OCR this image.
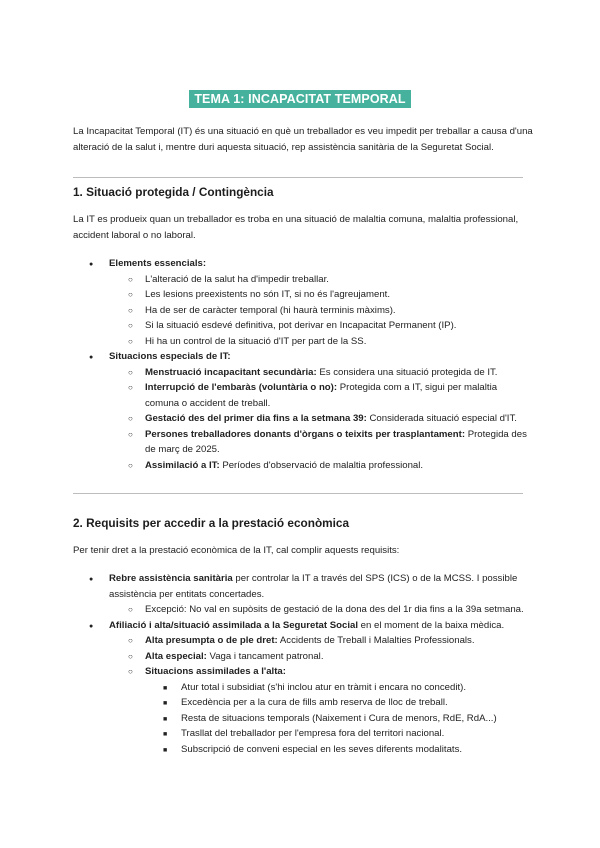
TEMA 1: INCAPACITAT TEMPORAL
La Incapacitat Temporal (IT) és una situació en què un treballador es veu impedit per treballar a causa d'una alteració de la salut i, mentre duri aquesta situació, rep assistència sanitària de la Seguretat Social.
1. Situació protegida / Contingència
La IT es produeix quan un treballador es troba en una situació de malaltia comuna, malaltia professional, accident laboral o no laboral.
●
Elements essencials:
○
L'alteració de la salut ha d'impedir treballar.
○
Les lesions preexistents no són IT, si no és l'agreujament.
○
Ha de ser de caràcter temporal (hi haurà terminis màxims).
○
Si la situació esdevé definitiva, pot derivar en Incapacitat Permanent (IP).
○
Hi ha un control de la situació d'IT per part de la SS.
●
Situacions especials de IT:
○
Menstruació incapacitant secundària: Es considera una situació protegida de IT.
○
Interrupció de l'embaràs (voluntària o no): Protegida com a IT, sigui per malaltia comuna o accident de treball.
○
Gestació des del primer dia fins a la setmana 39: Considerada situació especial d'IT.
○
Persones treballadores donants d'òrgans o teixits per trasplantament: Protegida des de març de 2025.
○
Assimilació a IT: Períodes d'observació de malaltia professional.
2. Requisits per accedir a la prestació econòmica
Per tenir dret a la prestació econòmica de la IT, cal complir aquests requisits:
●
Rebre assistència sanitària per controlar la IT a través del SPS (ICS) o de la MCSS. I possible assistència per entitats concertades.
○
Excepció: No val en supòsits de gestació de la dona des del 1r dia fins a la 39a setmana.
●
Afiliació i alta/situació assimilada a la Seguretat Social en el moment de la baixa mèdica.
○
Alta presumpta o de ple dret: Accidents de Treball i Malalties Professionals.
○
Alta especial: Vaga i tancament patronal.
○
Situacions assimilades a l'alta:
■
Atur total i subsidiat (s'hi inclou atur en tràmit i encara no concedit).
■
Excedència per a la cura de fills amb reserva de lloc de treball.
■
Resta de situacions temporals (Naixement i Cura de menors, RdE, RdA...)
■
Trasllat del treballador per l'empresa fora del territori nacional.
■
Subscripció de conveni especial en les seves diferents modalitats.
